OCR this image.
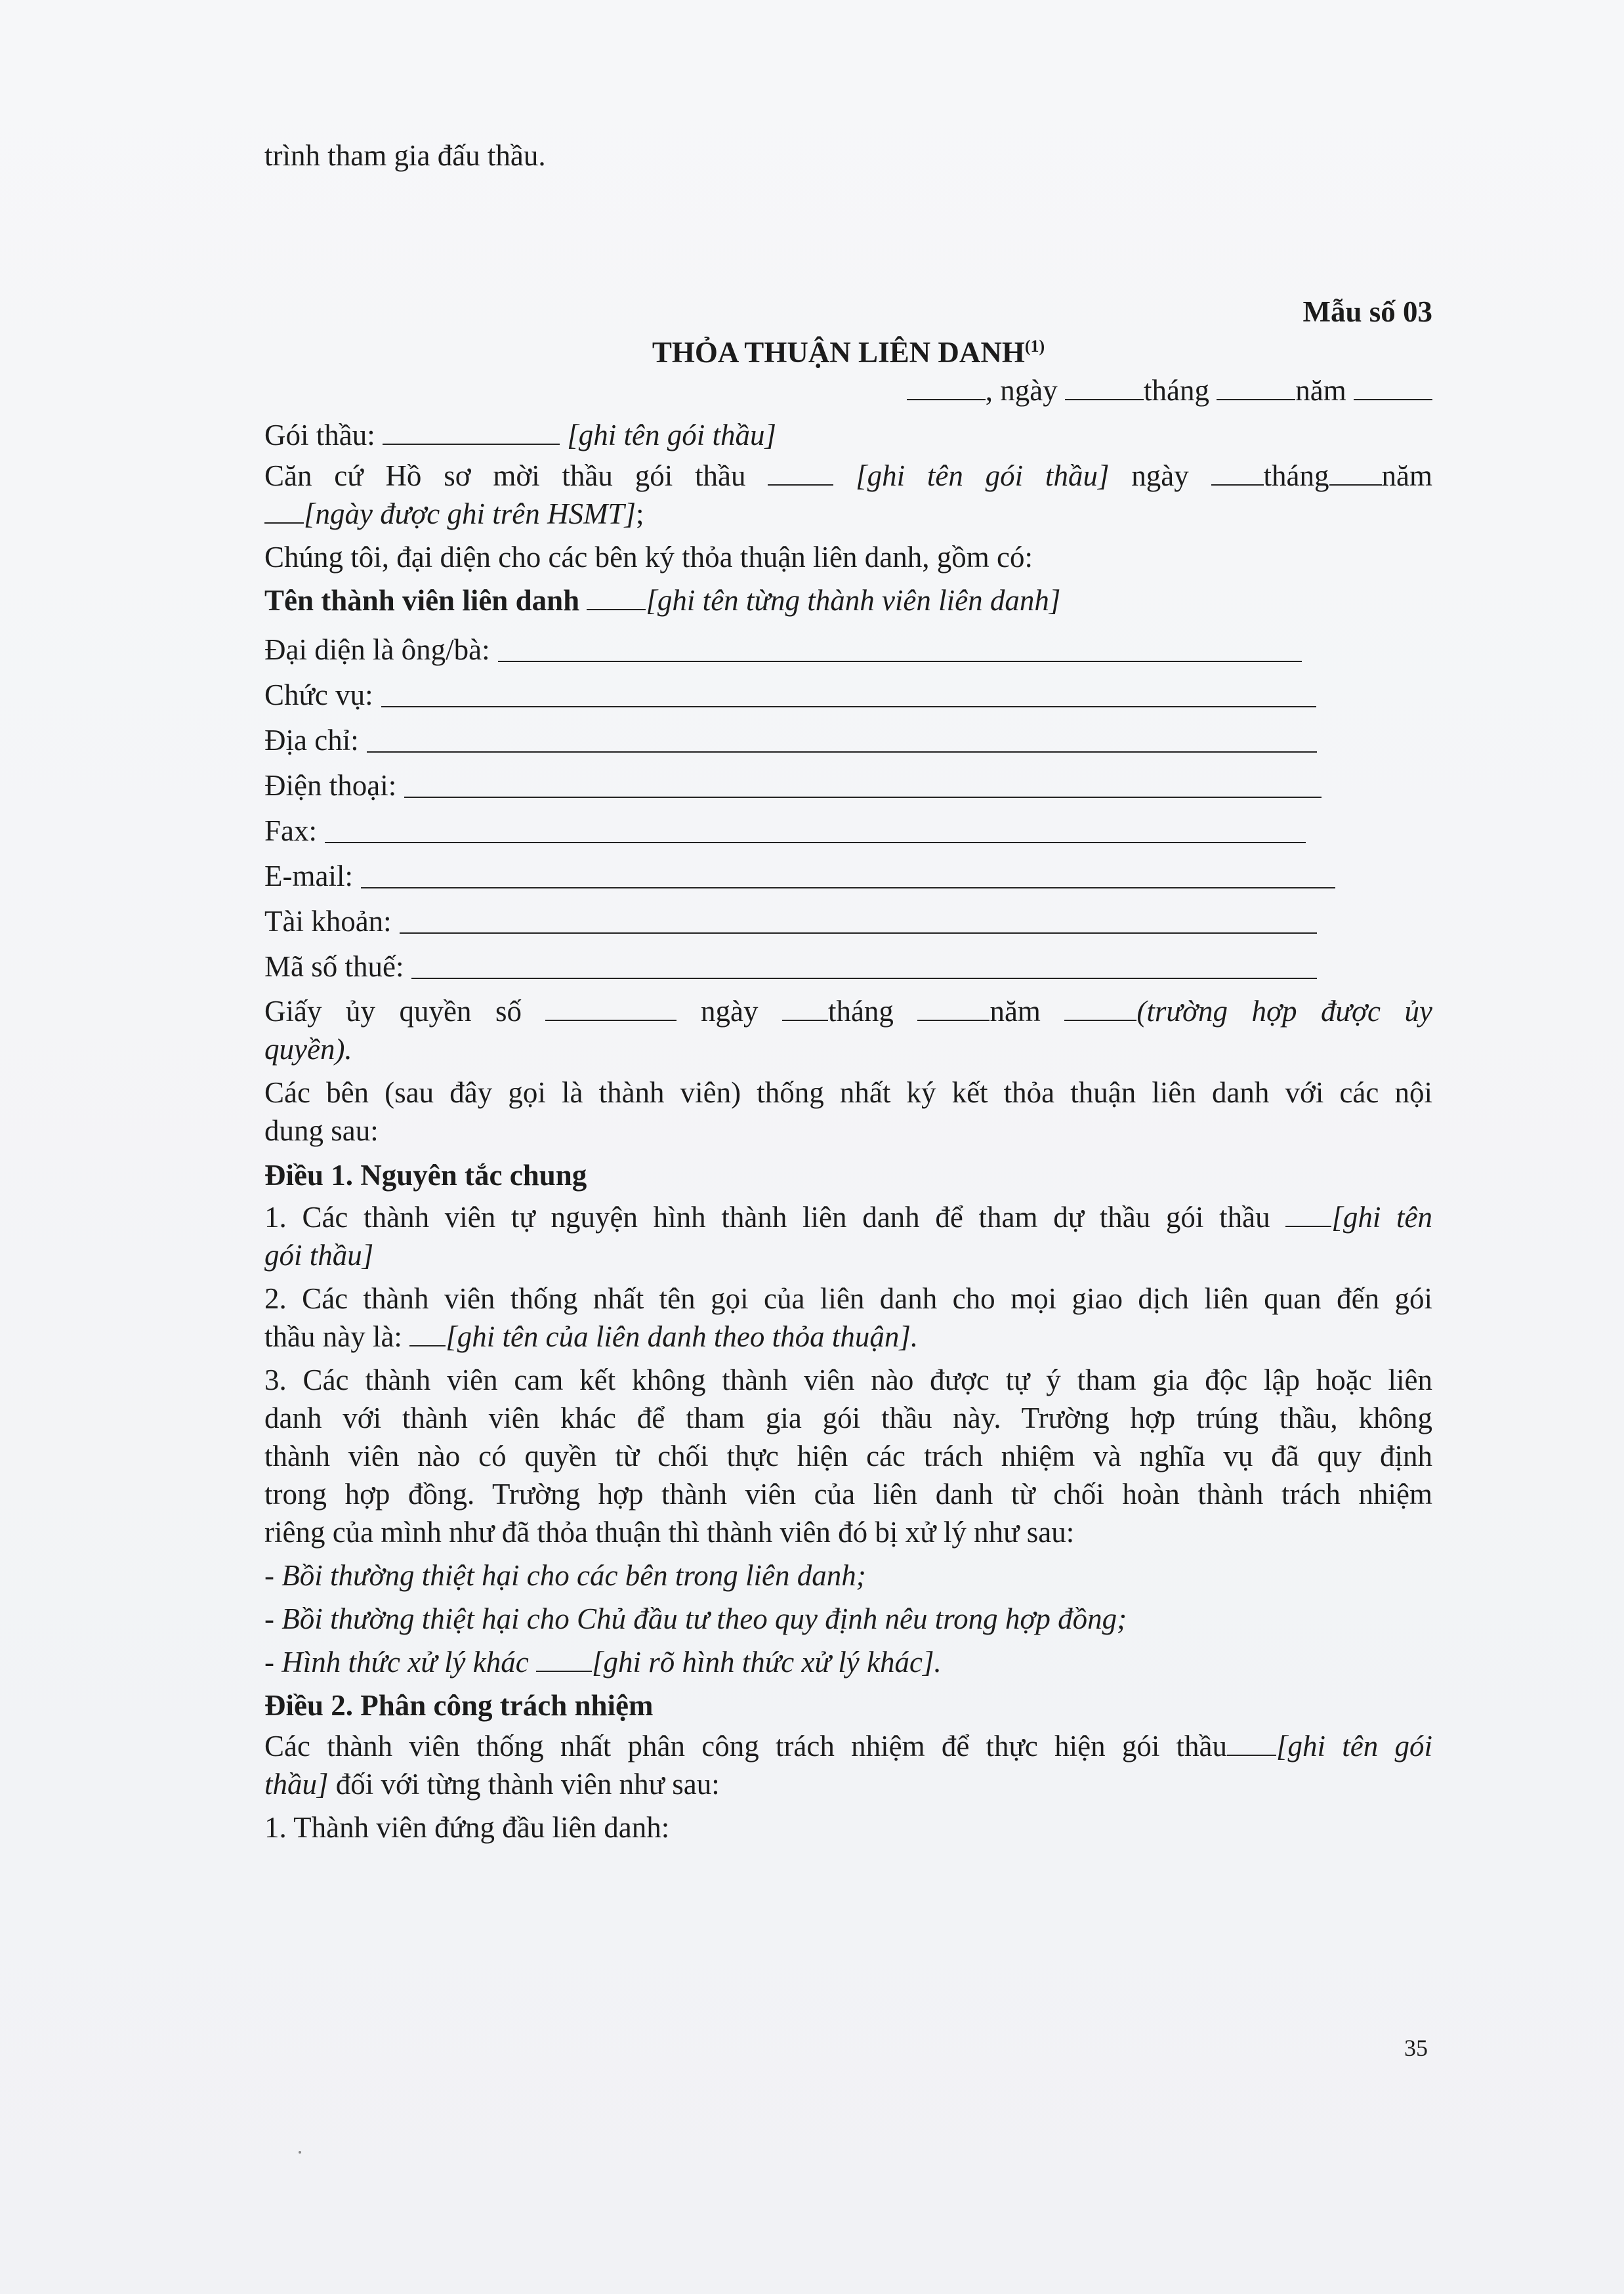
trình tham gia đấu thầu.

Mẫu số 03

THỎA THUẬN LIÊN DANH$^{(1)}$

, ngày	tháng	năm

Gói thầu:	[ghi tên gói thầu]

Căn cứ Hồ sơ mời thầu gói thầu	[ghi tên gói thầu] ngày	tháng năm

[ngày được ghi trên HSMT];

Chúng tôi, đại diện cho các bên ký thỏa thuận liên danh, gồm có:

Tên thành viên liên danh [ghi tên từng thành viên liên danh]

Đại diện là ông/bà:
Chức vụ:
Địa chỉ:
Điện thoại:
Fax:
E-mail:
Tài khoản:
Mã số thuế:

Giấy ủy quyền số	ngày tháng	năm	(trường hợp được ủy

quyền).

Các bên (sau đây gọi là thành viên) thống nhất ký kết thỏa thuận liên danh với các nội

dung sau:

Điều 1. Nguyên tắc chung

1. Các thành viên tự nguyện hình thành liên danh để tham dự thầu gói thầu [ghi tên

gói thầu]

2. Các thành viên thống nhất tên gọi của liên danh cho mọi giao dịch liên quan đến gói

thầu này là: [ghi tên của liên danh theo thỏa thuận].

3. Các thành viên cam kết không thành viên nào được tự ý tham gia độc lập hoặc liên

danh với thành viên khác để tham gia gói thầu này. Trường hợp trúng thầu, không

thành viên nào có quyền từ chối thực hiện các trách nhiệm và nghĩa vụ đã quy định

trong hợp đồng. Trường hợp thành viên của liên danh từ chối hoàn thành trách nhiệm

riêng của mình như đã thỏa thuận thì thành viên đó bị xử lý như sau:

- Bồi thường thiệt hại cho các bên trong liên danh;

- Bồi thường thiệt hại cho Chủ đầu tư theo quy định nêu trong hợp đồng;

- Hình thức xử lý khác [ghi rõ hình thức xử lý khác].

Điều 2. Phân công trách nhiệm

Các thành viên thống nhất phân công trách nhiệm để thực hiện gói thầu [ghi tên gói

thầu] đối với từng thành viên như sau:

1. Thành viên đứng đầu liên danh:

35
